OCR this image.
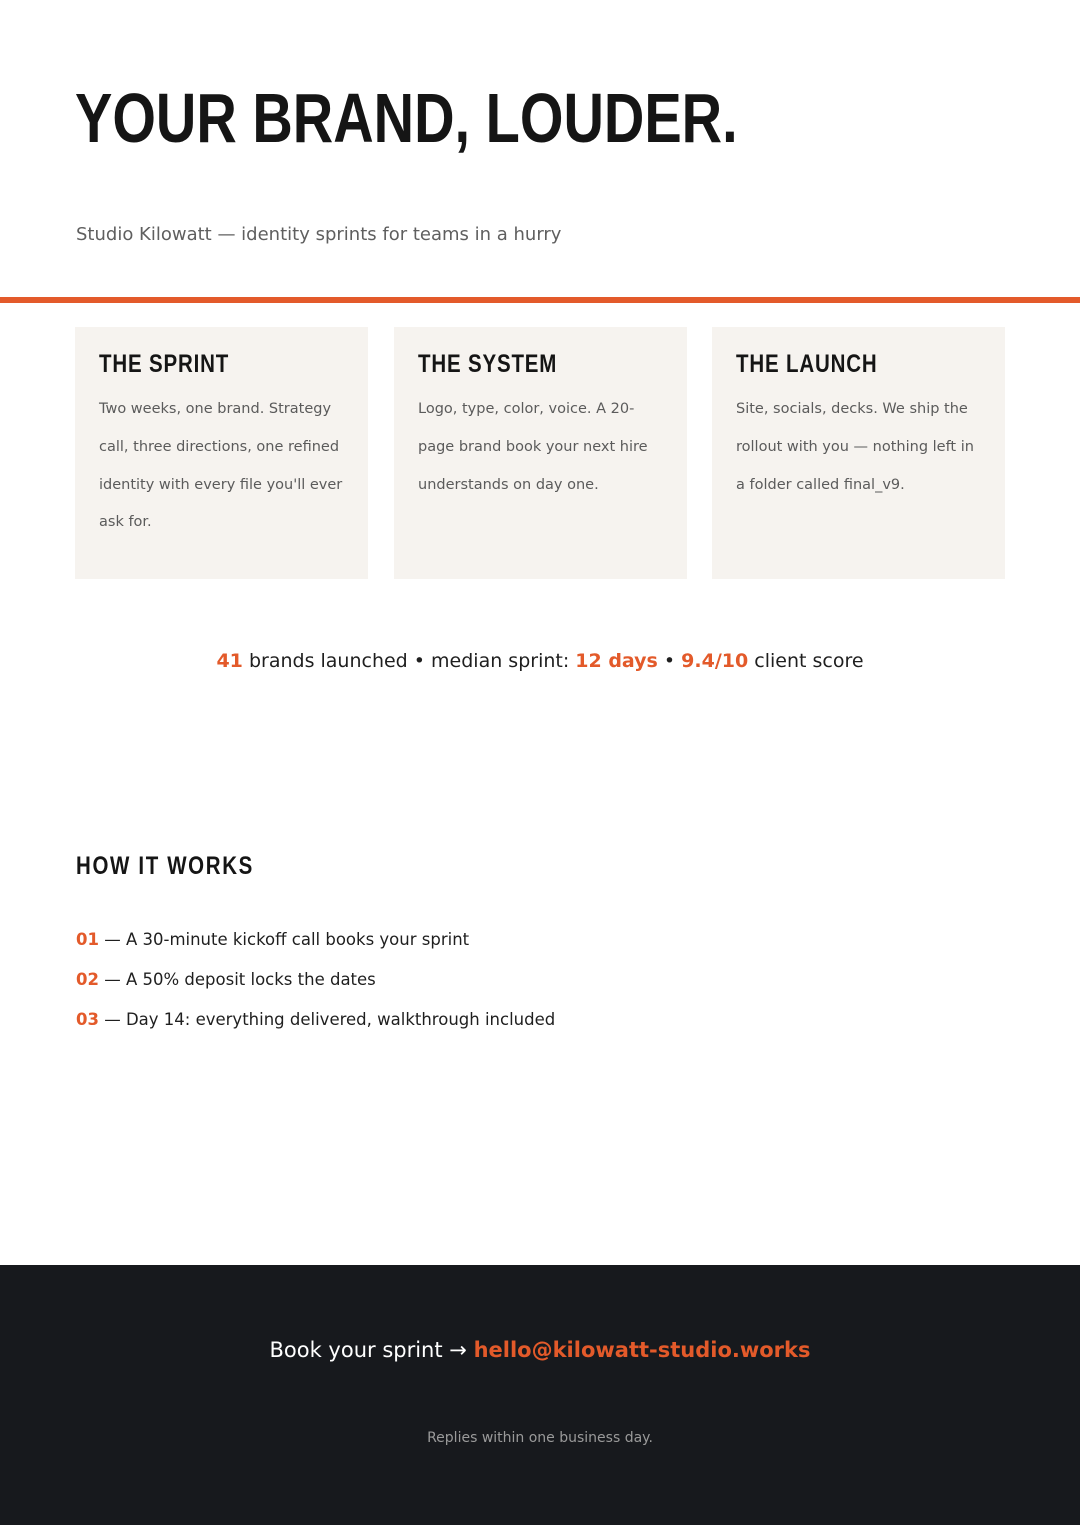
YOUR BRAND, LOUDER.

Studio Kilowatt — identity sprints for teams in a hurry

THE SPRINT

Two weeks, one brand. Strategy call, three directions, one refined identity with every file you'll ever ask for.

THE SYSTEM

Logo, type, color, voice. A 20-page brand book your next hire understands on day one.

THE LAUNCH

Site, socials, decks. We ship the rollout with you — nothing left in a folder called final_v9.

41 brands launched • median sprint: 12 days • 9.4/10 client score
HOW IT WORKS
01 — A 30-minute kickoff call books your sprint
02 — A 50% deposit locks the dates
03 — Day 14: everything delivered, walkthrough included
Book your sprint → hello@kilowatt-studio.works
Replies within one business day.
